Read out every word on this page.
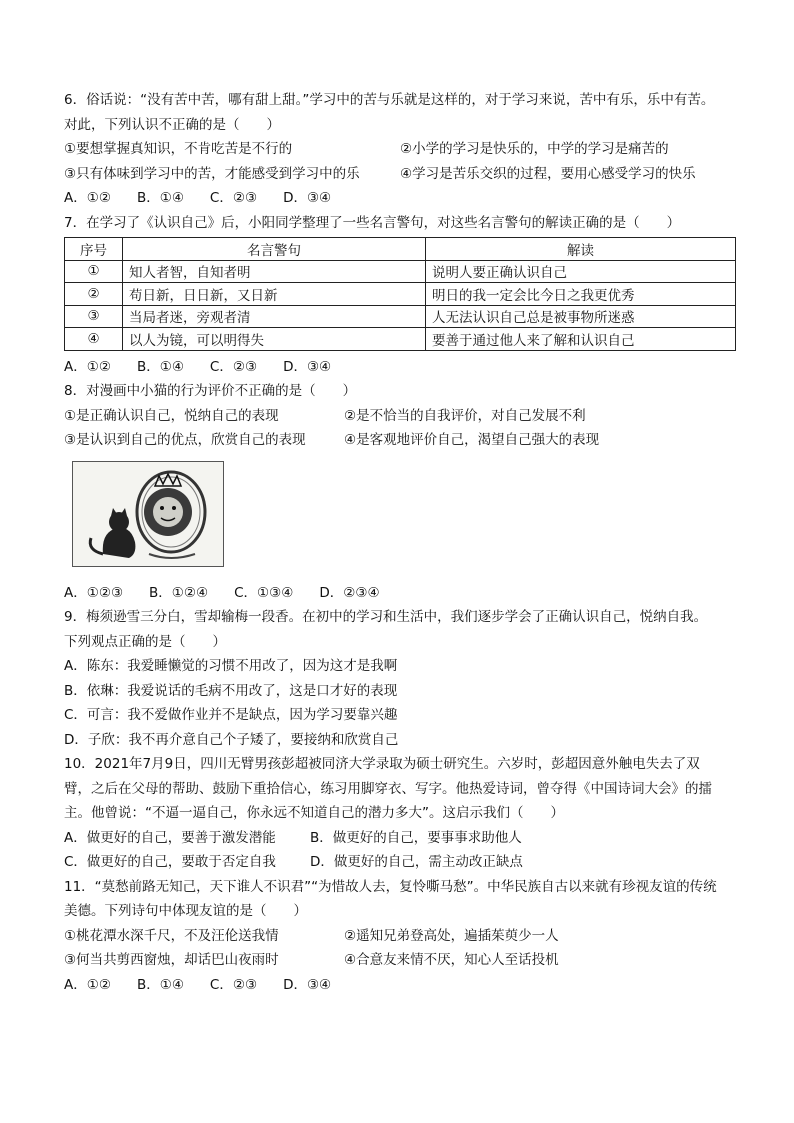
6．俗话说：“没有苦中苦，哪有甜上甜。”学习中的苦与乐就是这样的，对于学习来说，苦中有乐，乐中有苦。
对此，下列认识不正确的是（　　）
①要想掌握真知识，不肯吃苦是不行的	②小学的学习是快乐的，中学的学习是痛苦的
③只有体味到学习中的苦，才能感受到学习中的乐	④学习是苦乐交织的过程，要用心感受学习的快乐
A．①② B．①④ C．②③ D．③④
7．在学习了《认识自己》后，小阳同学整理了一些名言警句，对这些名言警句的解读正确的是（　　）
序号	名言警句	解读
①	知人者智，自知者明	说明人要正确认识自己
②	苟日新，日日新，又日新	明日的我一定会比今日之我更优秀
③	当局者迷，旁观者清	人无法认识自己总是被事物所迷惑
④	以人为镜，可以明得失	要善于通过他人来了解和认识自己
A．①② B．①④ C．②③ D．③④
8．对漫画中小猫的行为评价不正确的是（　　）
①是正确认识自己，悦纳自己的表现	②是不恰当的自我评价，对自己发展不利
③是认识到自己的优点，欣赏自己的表现	④是客观地评价自己，渴望自己强大的表现
A．①②③ B．①②④ C．①③④ D．②③④
9．梅须逊雪三分白，雪却输梅一段香。在初中的学习和生活中，我们逐步学会了正确认识自己，悦纳自我。
下列观点正确的是（　　）
A．陈东：我爱睡懒觉的习惯不用改了，因为这才是我啊
B．依琳：我爱说话的毛病不用改了，这是口才好的表现
C．可言：我不爱做作业并不是缺点，因为学习要靠兴趣
D．子欣：我不再介意自己个子矮了，要接纳和欣赏自己
10．2021年7月9日，四川无臂男孩彭超被同济大学录取为硕士研究生。六岁时，彭超因意外触电失去了双
臂，之后在父母的帮助、鼓励下重拾信心，练习用脚穿衣、写字。他热爱诗词，曾夺得《中国诗词大会》的擂
主。他曾说：“不逼一逼自己，你永远不知道自己的潜力多大”。这启示我们（　　）
A．做更好的自己，要善于激发潜能	B．做更好的自己，要事事求助他人
C．做更好的自己，要敢于否定自我	D．做更好的自己，需主动改正缺点
11．“莫愁前路无知己，天下谁人不识君”“为惜故人去，复怜嘶马愁”。中华民族自古以来就有珍视友谊的传统
美德。下列诗句中体现友谊的是（　　）
①桃花潭水深千尺，不及汪伦送我情	②遥知兄弟登高处，遍插茱萸少一人
③何当共剪西窗烛，却话巴山夜雨时	④合意友来情不厌，知心人至话投机
A．①② B．①④ C．②③ D．③④
